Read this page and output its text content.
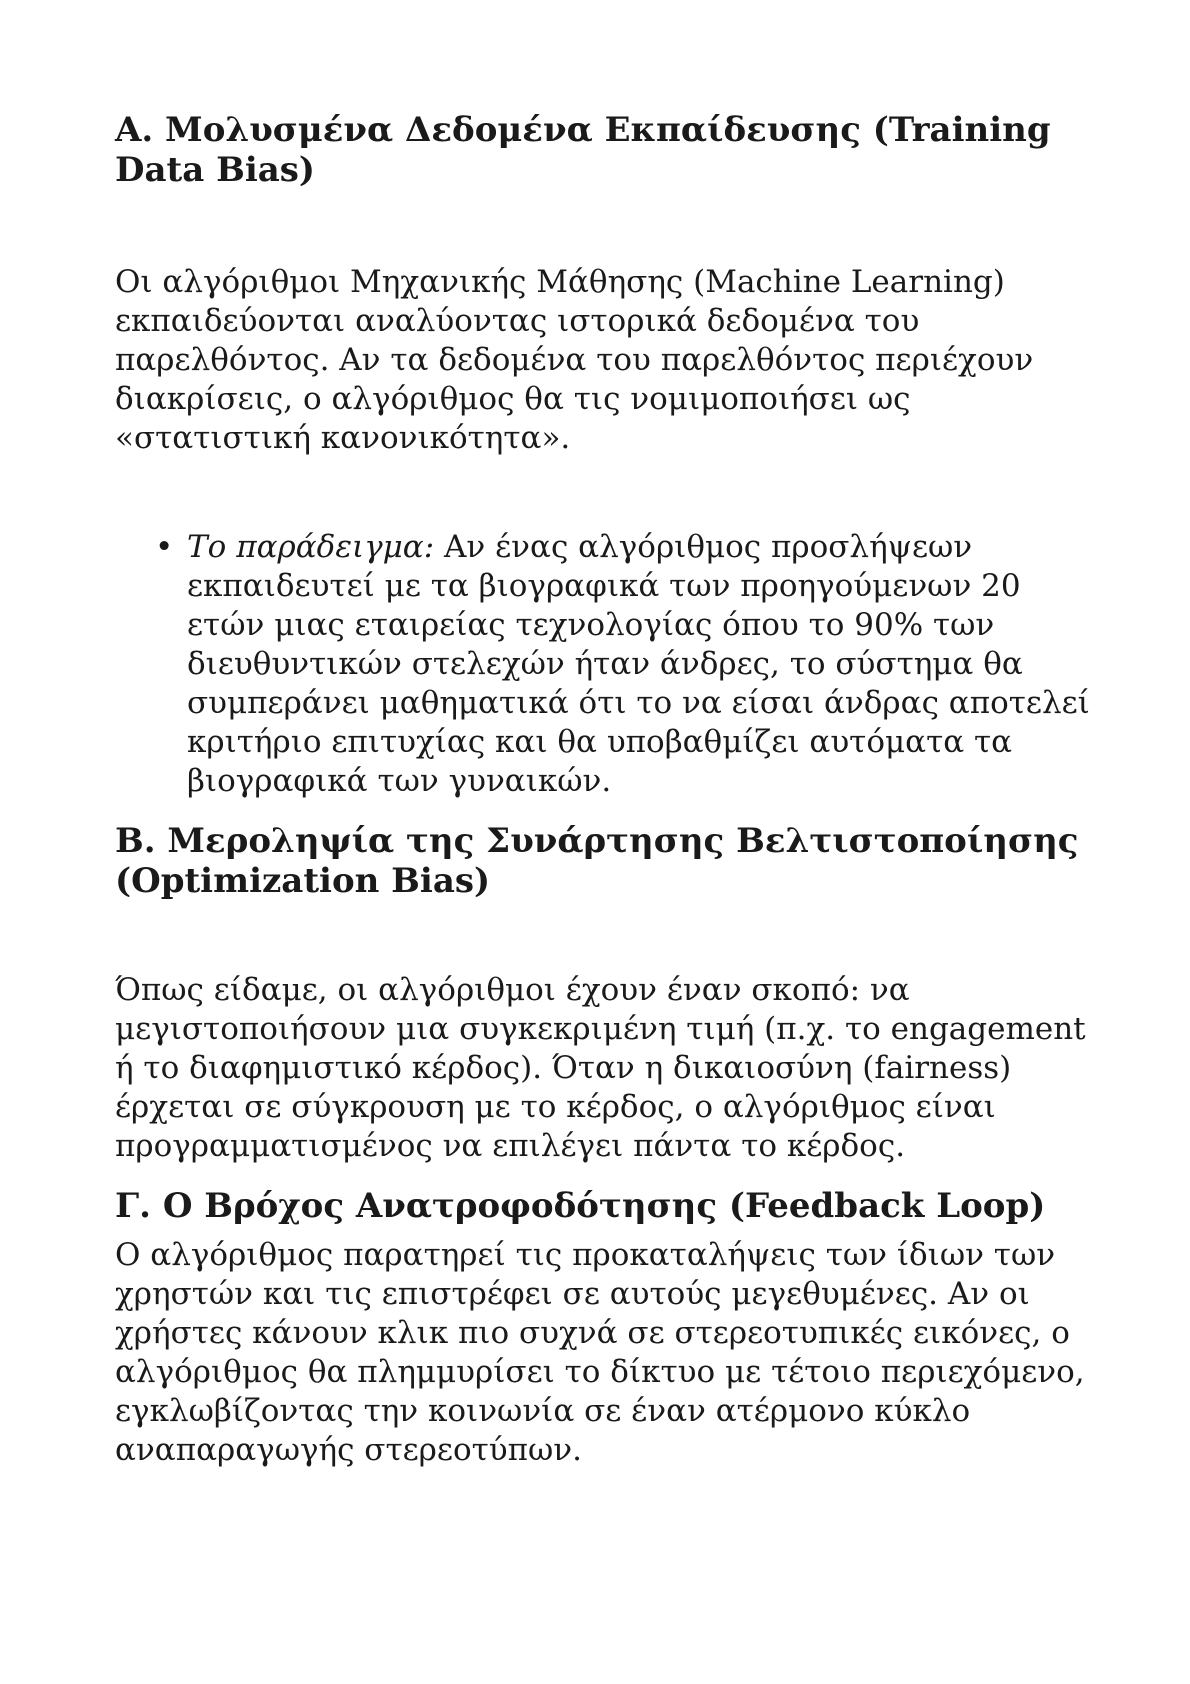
Α. Μολυσμένα Δεδομένα Εκπαίδευσης (Training Data Bias)

Οι αλγόριθμοι Μηχανικής Μάθησης (Machine Learning) εκπαιδεύονται αναλύοντας ιστορικά δεδομένα του παρελθόντος. Αν τα δεδομένα του παρελθόντος περιέχουν διακρίσεις, ο αλγόριθμος θα τις νομιμοποιήσει ως «στατιστική κανονικότητα».

• Το παράδειγμα: Αν ένας αλγόριθμος προσλήψεων εκπαιδευτεί με τα βιογραφικά των προηγούμενων 20 ετών μιας εταιρείας τεχνολογίας όπου το 90% των διευθυντικών στελεχών ήταν άνδρες, το σύστημα θα συμπεράνει μαθηματικά ότι το να είσαι άνδρας αποτελεί κριτήριο επιτυχίας και θα υποβαθμίζει αυτόματα τα βιογραφικά των γυναικών.
Β. Μεροληψία της Συνάρτησης Βελτιστοποίησης (Optimization Bias)

Όπως είδαμε, οι αλγόριθμοι έχουν έναν σκοπό: να μεγιστοποιήσουν μια συγκεκριμένη τιμή (π.χ. το engagement ή το διαφημιστικό κέρδος). Όταν η δικαιοσύνη (fairness) έρχεται σε σύγκρουση με το κέρδος, ο αλγόριθμος είναι προγραμματισμένος να επιλέγει πάντα το κέρδος.

Γ. Ο Βρόχος Ανατροφοδότησης (Feedback Loop)

Ο αλγόριθμος παρατηρεί τις προκαταλήψεις των ίδιων των χρηστών και τις επιστρέφει σε αυτούς μεγεθυμένες. Αν οι χρήστες κάνουν κλικ πιο συχνά σε στερεοτυπικές εικόνες, ο αλγόριθμος θα πλημμυρίσει το δίκτυο με τέτοιο περιεχόμενο, εγκλωβίζοντας την κοινωνία σε έναν ατέρμονο κύκλο αναπαραγωγής στερεοτύπων.
